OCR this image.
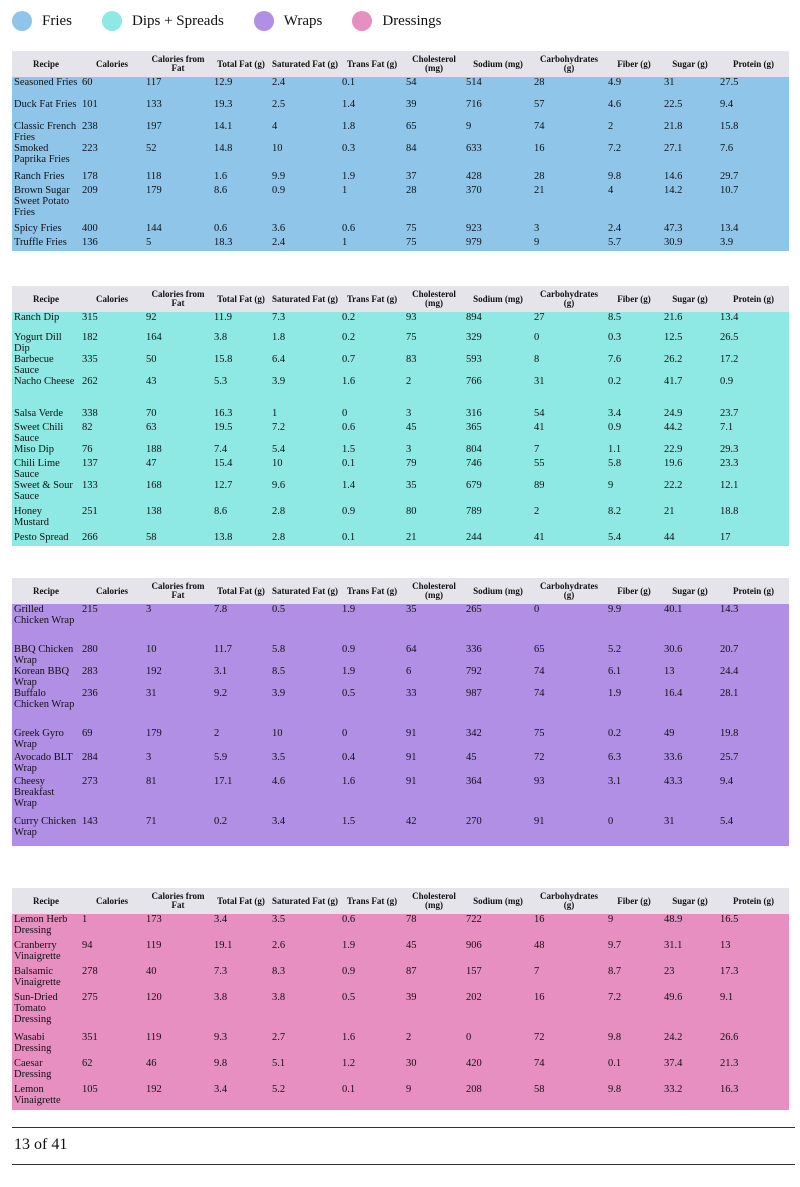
Fries	Dips + Spreads	Wraps	Dressings
Recipe	Calories	Calories from Fat	Total Fat (g)	Saturated Fat (g)	Trans Fat (g)	Cholesterol (mg)	Sodium (mg)	Carbohydrates (g)	Fiber (g)	Sugar (g)	Protein (g)
Seasoned Fries	60	117	12.9	2.4	0.1	54	514	28	4.9	31	27.5
Duck Fat Fries	101	133	19.3	2.5	1.4	39	716	57	4.6	22.5	9.4
Classic French Fries	238	197	14.1	4	1.8	65	9	74	2	21.8	15.8
Smoked Paprika Fries	223	52	14.8	10	0.3	84	633	16	7.2	27.1	7.6
Ranch Fries	178	118	1.6	9.9	1.9	37	428	28	9.8	14.6	29.7
Brown Sugar Sweet Potato Fries	209	179	8.6	0.9	1	28	370	21	4	14.2	10.7
Spicy Fries	400	144	0.6	3.6	0.6	75	923	3	2.4	47.3	13.4
Truffle Fries	136	5	18.3	2.4	1	75	979	9	5.7	30.9	3.9
Recipe	Calories	Calories from Fat	Total Fat (g)	Saturated Fat (g)	Trans Fat (g)	Cholesterol (mg)	Sodium (mg)	Carbohydrates (g)	Fiber (g)	Sugar (g)	Protein (g)
Ranch Dip	315	92	11.9	7.3	0.2	93	894	27	8.5	21.6	13.4
Yogurt Dill Dip	182	164	3.8	1.8	0.2	75	329	0	0.3	12.5	26.5
Barbecue Sauce	335	50	15.8	6.4	0.7	83	593	8	7.6	26.2	17.2
Nacho Cheese	262	43	5.3	3.9	1.6	2	766	31	0.2	41.7	0.9
Salsa Verde	338	70	16.3	1	0	3	316	54	3.4	24.9	23.7
Sweet Chili Sauce	82	63	19.5	7.2	0.6	45	365	41	0.9	44.2	7.1
Miso Dip	76	188	7.4	5.4	1.5	3	804	7	1.1	22.9	29.3
Chili Lime Sauce	137	47	15.4	10	0.1	79	746	55	5.8	19.6	23.3
Sweet & Sour Sauce	133	168	12.7	9.6	1.4	35	679	89	9	22.2	12.1
Honey Mustard	251	138	8.6	2.8	0.9	80	789	2	8.2	21	18.8
Pesto Spread	266	58	13.8	2.8	0.1	21	244	41	5.4	44	17
Recipe	Calories	Calories from Fat	Total Fat (g)	Saturated Fat (g)	Trans Fat (g)	Cholesterol (mg)	Sodium (mg)	Carbohydrates (g)	Fiber (g)	Sugar (g)	Protein (g)
Grilled Chicken Wrap	215	3	7.8	0.5	1.9	35	265	0	9.9	40.1	14.3
BBQ Chicken Wrap	280	10	11.7	5.8	0.9	64	336	65	5.2	30.6	20.7
Korean BBQ Wrap	283	192	3.1	8.5	1.9	6	792	74	6.1	13	24.4
Buffalo Chicken Wrap	236	31	9.2	3.9	0.5	33	987	74	1.9	16.4	28.1
Greek Gyro Wrap	69	179	2	10	0	91	342	75	0.2	49	19.8
Avocado BLT Wrap	284	3	5.9	3.5	0.4	91	45	72	6.3	33.6	25.7
Cheesy Breakfast Wrap	273	81	17.1	4.6	1.6	91	364	93	3.1	43.3	9.4
Curry Chicken Wrap	143	71	0.2	3.4	1.5	42	270	91	0	31	5.4
Recipe	Calories	Calories from Fat	Total Fat (g)	Saturated Fat (g)	Trans Fat (g)	Cholesterol (mg)	Sodium (mg)	Carbohydrates (g)	Fiber (g)	Sugar (g)	Protein (g)
Lemon Herb Dressing	1	173	3.4	3.5	0.6	78	722	16	9	48.9	16.5
Cranberry Vinaigrette	94	119	19.1	2.6	1.9	45	906	48	9.7	31.1	13
Balsamic Vinaigrette	278	40	7.3	8.3	0.9	87	157	7	8.7	23	17.3
Sun-Dried Tomato Dressing	275	120	3.8	3.8	0.5	39	202	16	7.2	49.6	9.1
Wasabi Dressing	351	119	9.3	2.7	1.6	2	0	72	9.8	24.2	26.6
Caesar Dressing	62	46	9.8	5.1	1.2	30	420	74	0.1	37.4	21.3
Lemon Vinaigrette	105	192	3.4	5.2	0.1	9	208	58	9.8	33.2	16.3
13 of 41
